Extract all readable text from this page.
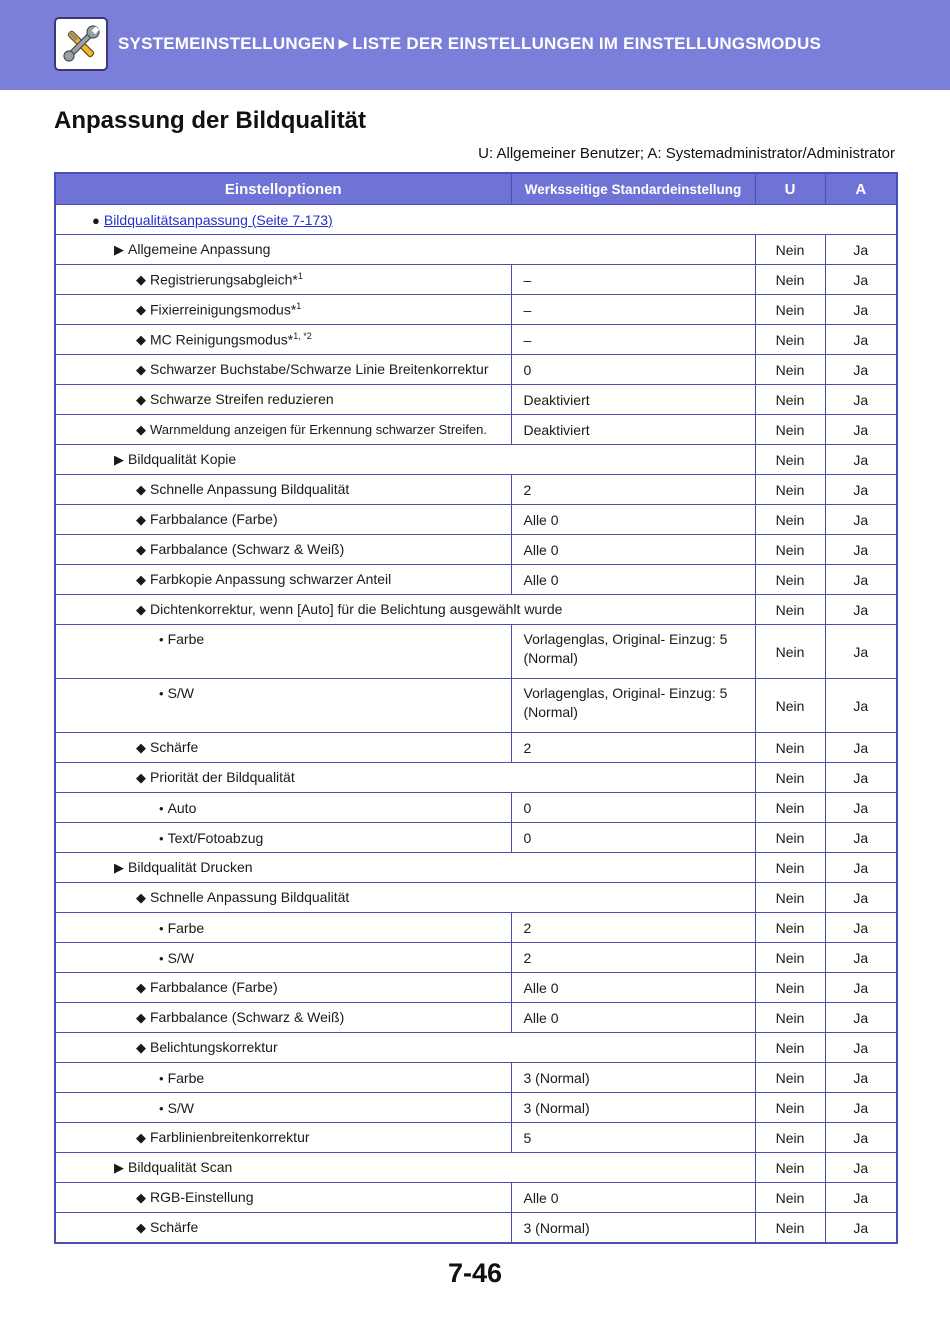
SYSTEMEINSTELLUNGEN►LISTE DER EINSTELLUNGEN IM EINSTELLUNGSMODUS
Anpassung der Bildqualität
U: Allgemeiner Benutzer; A: Systemadministrator/Administrator
Einstelloptionen	Werksseitige Standardeinstellung	U	A
● Bildqualitätsanpassung (Seite 7-173)			
▶ Allgemeine Anpassung		Nein	Ja
◆ Registrierungsabgleich*$^1$	–	Nein	Ja
◆ Fixierreinigungsmodus*$^1$	–	Nein	Ja
◆ MC Reinigungsmodus*$^{1, *2}$	–	Nein	Ja
◆ Schwarzer Buchstabe/Schwarze Linie Breitenkorrektur	0	Nein	Ja
◆ Schwarze Streifen reduzieren	Deaktiviert	Nein	Ja
◆ Warnmeldung anzeigen für Erkennung schwarzer Streifen.	Deaktiviert	Nein	Ja
▶ Bildqualität Kopie		Nein	Ja
◆ Schnelle Anpassung Bildqualität	2	Nein	Ja
◆ Farbbalance (Farbe)	Alle 0	Nein	Ja
◆ Farbbalance (Schwarz & Weiß)	Alle 0	Nein	Ja
◆ Farbkopie Anpassung schwarzer Anteil	Alle 0	Nein	Ja
◆ Dichtenkorrektur, wenn [Auto] für die Belichtung ausgewählt wurde		Nein	Ja
• Farbe	Vorlagenglas, Original- Einzug: 5 (Normal)	Nein	Ja
• S/W	Vorlagenglas, Original- Einzug: 5 (Normal)	Nein	Ja
◆ Schärfe	2	Nein	Ja
◆ Priorität der Bildqualität		Nein	Ja
• Auto	0	Nein	Ja
• Text/Fotoabzug	0	Nein	Ja
▶ Bildqualität Drucken		Nein	Ja
◆ Schnelle Anpassung Bildqualität		Nein	Ja
• Farbe	2	Nein	Ja
• S/W	2	Nein	Ja
◆ Farbbalance (Farbe)	Alle 0	Nein	Ja
◆ Farbbalance (Schwarz & Weiß)	Alle 0	Nein	Ja
◆ Belichtungskorrektur		Nein	Ja
• Farbe	3 (Normal)	Nein	Ja
• S/W	3 (Normal)	Nein	Ja
◆ Farblinienbreitenkorrektur	5	Nein	Ja
▶ Bildqualität Scan		Nein	Ja
◆ RGB-Einstellung	Alle 0	Nein	Ja
◆ Schärfe	3 (Normal)	Nein	Ja
7-46
